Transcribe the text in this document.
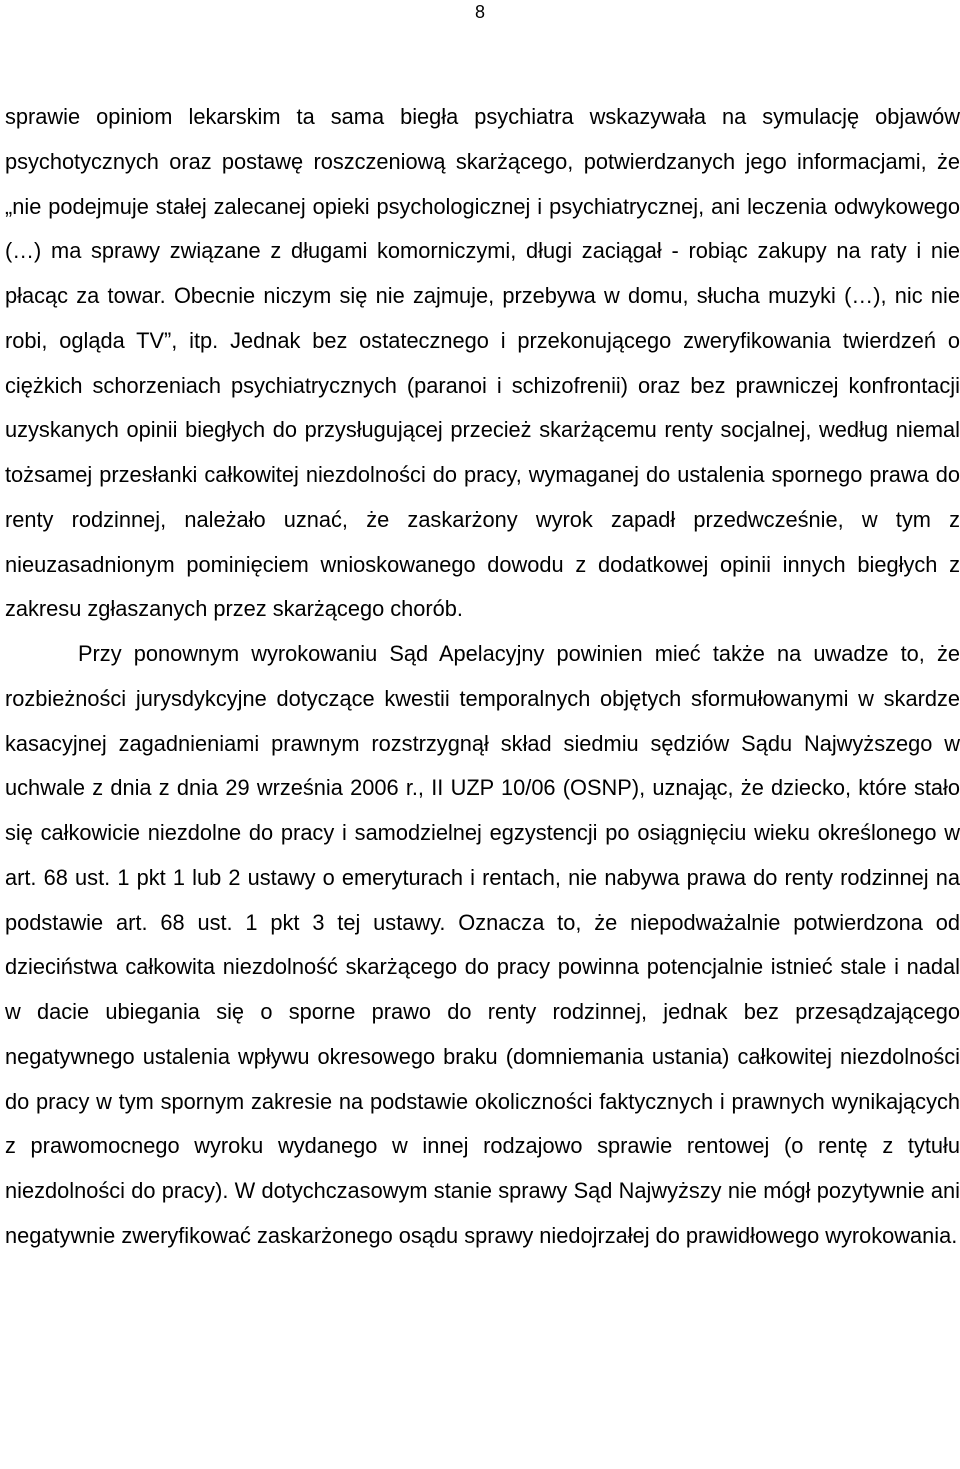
8

sprawie opiniom lekarskim ta sama biegła psychiatra wskazywała na symulację objawów psychotycznych oraz postawę roszczeniową skarżącego, potwierdzanych jego informacjami, że „nie podejmuje stałej zalecanej opieki psychologicznej i psychiatrycznej, ani leczenia odwykowego (…) ma sprawy związane z długami komorniczymi, długi zaciągał - robiąc zakupy na raty i nie płacąc za towar. Obecnie niczym się nie zajmuje, przebywa w domu, słucha muzyki (…), nic nie robi, ogląda TV”, itp. Jednak bez ostatecznego i przekonującego zweryfikowania twierdzeń o ciężkich schorzeniach psychiatrycznych (paranoi i schizofrenii) oraz bez prawniczej konfrontacji uzyskanych opinii biegłych do przysługującej przecież skarżącemu renty socjalnej, według niemal tożsamej przesłanki całkowitej niezdolności do pracy, wymaganej do ustalenia spornego prawa do renty rodzinnej, należało uznać, że zaskarżony wyrok zapadł przedwcześnie, w tym z nieuzasadnionym pominięciem wnioskowanego dowodu z dodatkowej opinii innych biegłych z zakresu zgłaszanych przez skarżącego chorób.

Przy ponownym wyrokowaniu Sąd Apelacyjny powinien mieć także na uwadze to, że rozbieżności jurysdykcyjne dotyczące kwestii temporalnych objętych sformułowanymi w skardze kasacyjnej zagadnieniami prawnym rozstrzygnął skład siedmiu sędziów Sądu Najwyższego w uchwale z dnia z dnia 29 września 2006 r., II UZP 10/06 (OSNP), uznając, że dziecko, które stało się całkowicie niezdolne do pracy i samodzielnej egzystencji po osiągnięciu wieku określonego w art. 68 ust. 1 pkt 1 lub 2 ustawy o emeryturach i rentach, nie nabywa prawa do renty rodzinnej na podstawie art. 68 ust. 1 pkt 3 tej ustawy. Oznacza to, że niepodważalnie potwierdzona od dzieciństwa całkowita niezdolność skarżącego do pracy powinna potencjalnie istnieć stale i nadal w dacie ubiegania się o sporne prawo do renty rodzinnej, jednak bez przesądzającego negatywnego ustalenia wpływu okresowego braku (domniemania ustania) całkowitej niezdolności do pracy w tym spornym zakresie na podstawie okoliczności faktycznych i prawnych wynikających z prawomocnego wyroku wydanego w innej rodzajowo sprawie rentowej (o rentę z tytułu niezdolności do pracy). W dotychczasowym stanie sprawy Sąd Najwyższy nie mógł pozytywnie ani negatywnie zweryfikować zaskarżonego osądu sprawy niedojrzałej do prawidłowego wyrokowania.
